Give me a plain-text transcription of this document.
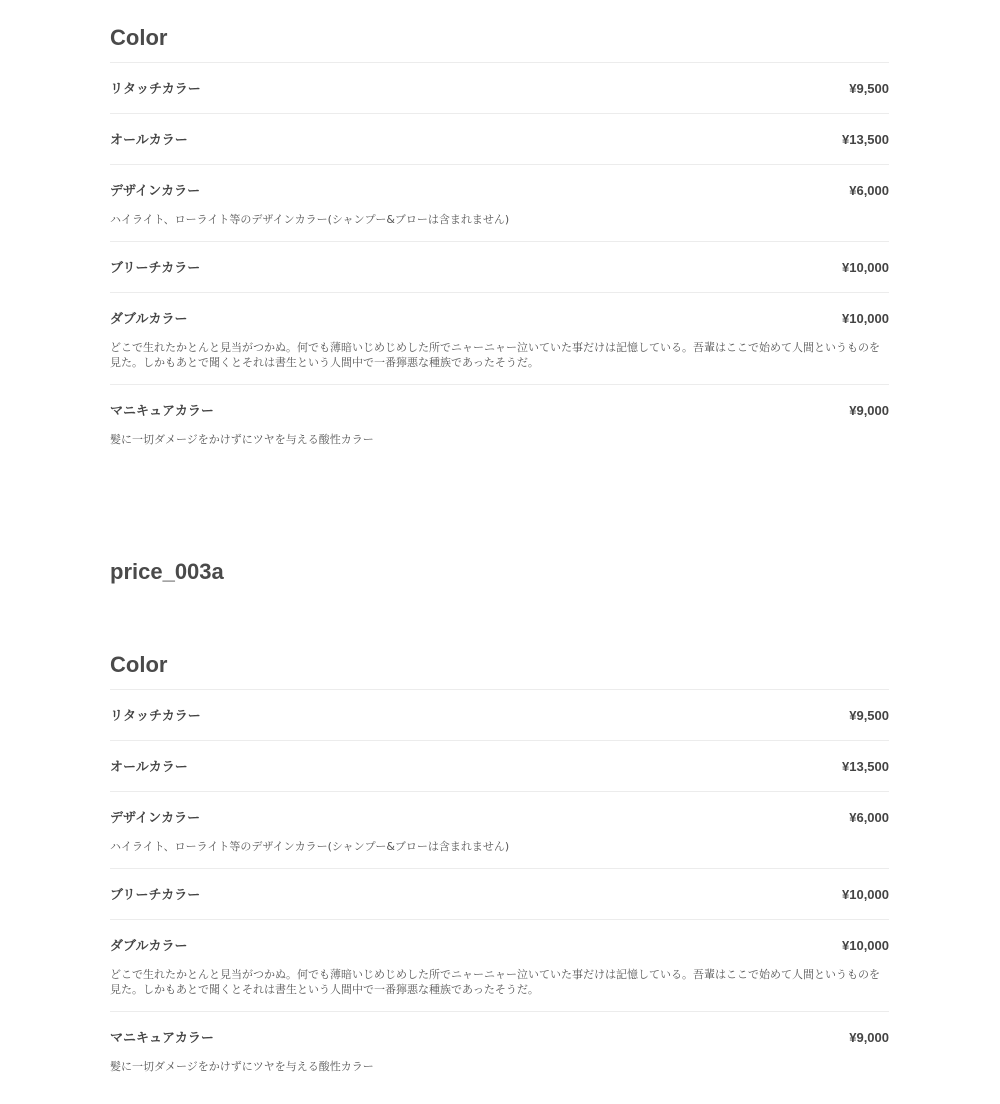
Color
リタッチカラー	¥9,500
オールカラー	¥13,500
デザインカラー	¥6,000

ハイライト、ローライト等のデザインカラー(シャンプー&ブローは含まれません)

ブリーチカラー	¥10,000
ダブルカラー	¥10,000

どこで生れたかとんと見当がつかぬ。何でも薄暗いじめじめした所でニャーニャー泣いていた事だけは記憶している。吾輩はここで始めて人間というものを見た。しかもあとで聞くとそれは書生という人間中で一番獰悪な種族であったそうだ。

マニキュアカラー	¥9,000

髪に一切ダメージをかけずにツヤを与える酸性カラー

price_003a
Color
リタッチカラー	¥9,500
オールカラー	¥13,500
デザインカラー	¥6,000

ハイライト、ローライト等のデザインカラー(シャンプー&ブローは含まれません)

ブリーチカラー	¥10,000
ダブルカラー	¥10,000

どこで生れたかとんと見当がつかぬ。何でも薄暗いじめじめした所でニャーニャー泣いていた事だけは記憶している。吾輩はここで始めて人間というものを見た。しかもあとで聞くとそれは書生という人間中で一番獰悪な種族であったそうだ。

マニキュアカラー	¥9,000

髪に一切ダメージをかけずにツヤを与える酸性カラー
